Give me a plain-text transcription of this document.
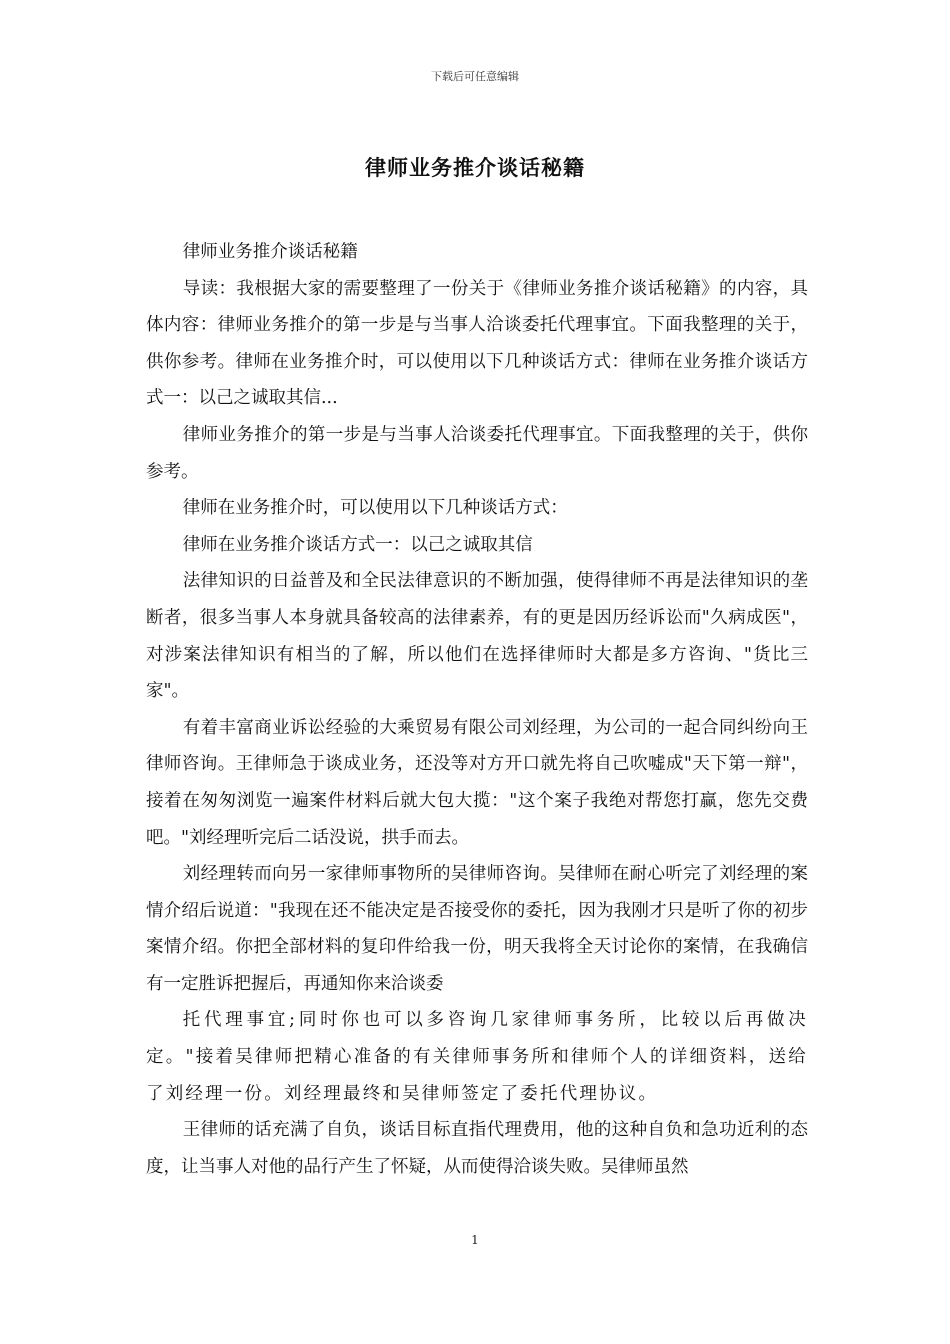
下载后可任意编辑
律师业务推介谈话秘籍

律师业务推介谈话秘籍

导读：我根据大家的需要整理了一份关于《律师业务推介谈话秘籍》的内容，具体内容：律师业务推介的第一步是与当事人洽谈委托代理事宜。下面我整理的关于，供你参考。律师在业务推介时，可以使用以下几种谈话方式：律师在业务推介谈话方式一：以己之诚取其信...

律师业务推介的第一步是与当事人洽谈委托代理事宜。下面我整理的关于，供你参考。

律师在业务推介时，可以使用以下几种谈话方式：

律师在业务推介谈话方式一：以己之诚取其信

法律知识的日益普及和全民法律意识的不断加强，使得律师不再是法律知识的垄断者，很多当事人本身就具备较高的法律素养，有的更是因历经诉讼而"久病成医"，对涉案法律知识有相当的了解，所以他们在选择律师时大都是多方咨询、"货比三家"。

有着丰富商业诉讼经验的大乘贸易有限公司刘经理，为公司的一起合同纠纷向王律师咨询。王律师急于谈成业务，还没等对方开口就先将自己吹嘘成"天下第一辩"，接着在匆匆浏览一遍案件材料后就大包大揽："这个案子我绝对帮您打赢，您先交费吧。"刘经理听完后二话没说，拱手而去。

刘经理转而向另一家律师事物所的吴律师咨询。吴律师在耐心听完了刘经理的案情介绍后说道："我现在还不能决定是否接受你的委托，因为我刚才只是听了你的初步案情介绍。你把全部材料的复印件给我一份，明天我将全天讨论你的案情，在我确信有一定胜诉把握后，再通知你来洽谈委

托代理事宜;同时你也可以多咨询几家律师事务所，比较以后再做决定。"接着吴律师把精心准备的有关律师事务所和律师个人的详细资料，送给了刘经理一份。刘经理最终和吴律师签定了委托代理协议。

王律师的话充满了自负，谈话目标直指代理费用，他的这种自负和急功近利的态度，让当事人对他的品行产生了怀疑，从而使得洽谈失败。吴律师虽然

1
